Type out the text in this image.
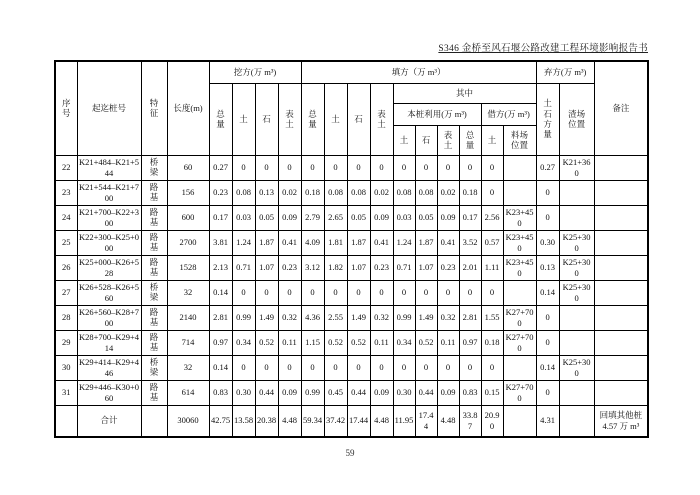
S346 金桥至风石堰公路改建工程环境影响报告书
序号	起迄桩号	特征	长度(m)	挖方(万 m³)				填方（万 m³）										弃方(万 m³)		备注
				总量	土	石	表土	总量	土	石	表土	其中						土石方量	渣场位置	
												本桩利用(万 m³)				借方(万 m³)				
												土	石	表土	总量	土	料场位置			
22	K21+484–K21+544	桥梁	60	0.27	0	0	0	0	0	0	0	0	0	0	0	0		0.27	K21+360	
23	K21+544–K21+700	路基	156	0.23	0.08	0.13	0.02	0.18	0.08	0.08	0.02	0.08	0.08	0.02	0.18	0		0		
24	K21+700–K22+300	路基	600	0.17	0.03	0.05	0.09	2.79	2.65	0.05	0.09	0.03	0.05	0.09	0.17	2.56	K23+450	0		
25	K22+300–K25+000	路基	2700	3.81	1.24	1.87	0.41	4.09	1.81	1.87	0.41	1.24	1.87	0.41	3.52	0.57	K23+450	0.30	K25+300	
26	K25+000–K26+528	路基	1528	2.13	0.71	1.07	0.23	3.12	1.82	1.07	0.23	0.71	1.07	0.23	2.01	1.11	K23+450	0.13	K25+300	
27	K26+528–K26+560	桥梁	32	0.14	0	0	0	0	0	0	0	0	0	0	0	0		0.14	K25+300	
28	K26+560–K28+700	路基	2140	2.81	0.99	1.49	0.32	4.36	2.55	1.49	0.32	0.99	1.49	0.32	2.81	1.55	K27+700	0		
29	K28+700–K29+414	路基	714	0.97	0.34	0.52	0.11	1.15	0.52	0.52	0.11	0.34	0.52	0.11	0.97	0.18	K27+700	0		
30	K29+414–K29+446	桥梁	32	0.14	0	0	0	0	0	0	0	0	0	0	0	0		0.14	K25+300	
31	K29+446–K30+060	路基	614	0.83	0.30	0.44	0.09	0.99	0.45	0.44	0.09	0.30	0.44	0.09	0.83	0.15	K27+700	0		
	合计		30060	42.75	13.58	20.38	4.48	59.34	37.42	17.44	4.48	11.95	17.44	4.48	33.87	20.90		4.31		回填其他桩 4.57 万 m³
59
